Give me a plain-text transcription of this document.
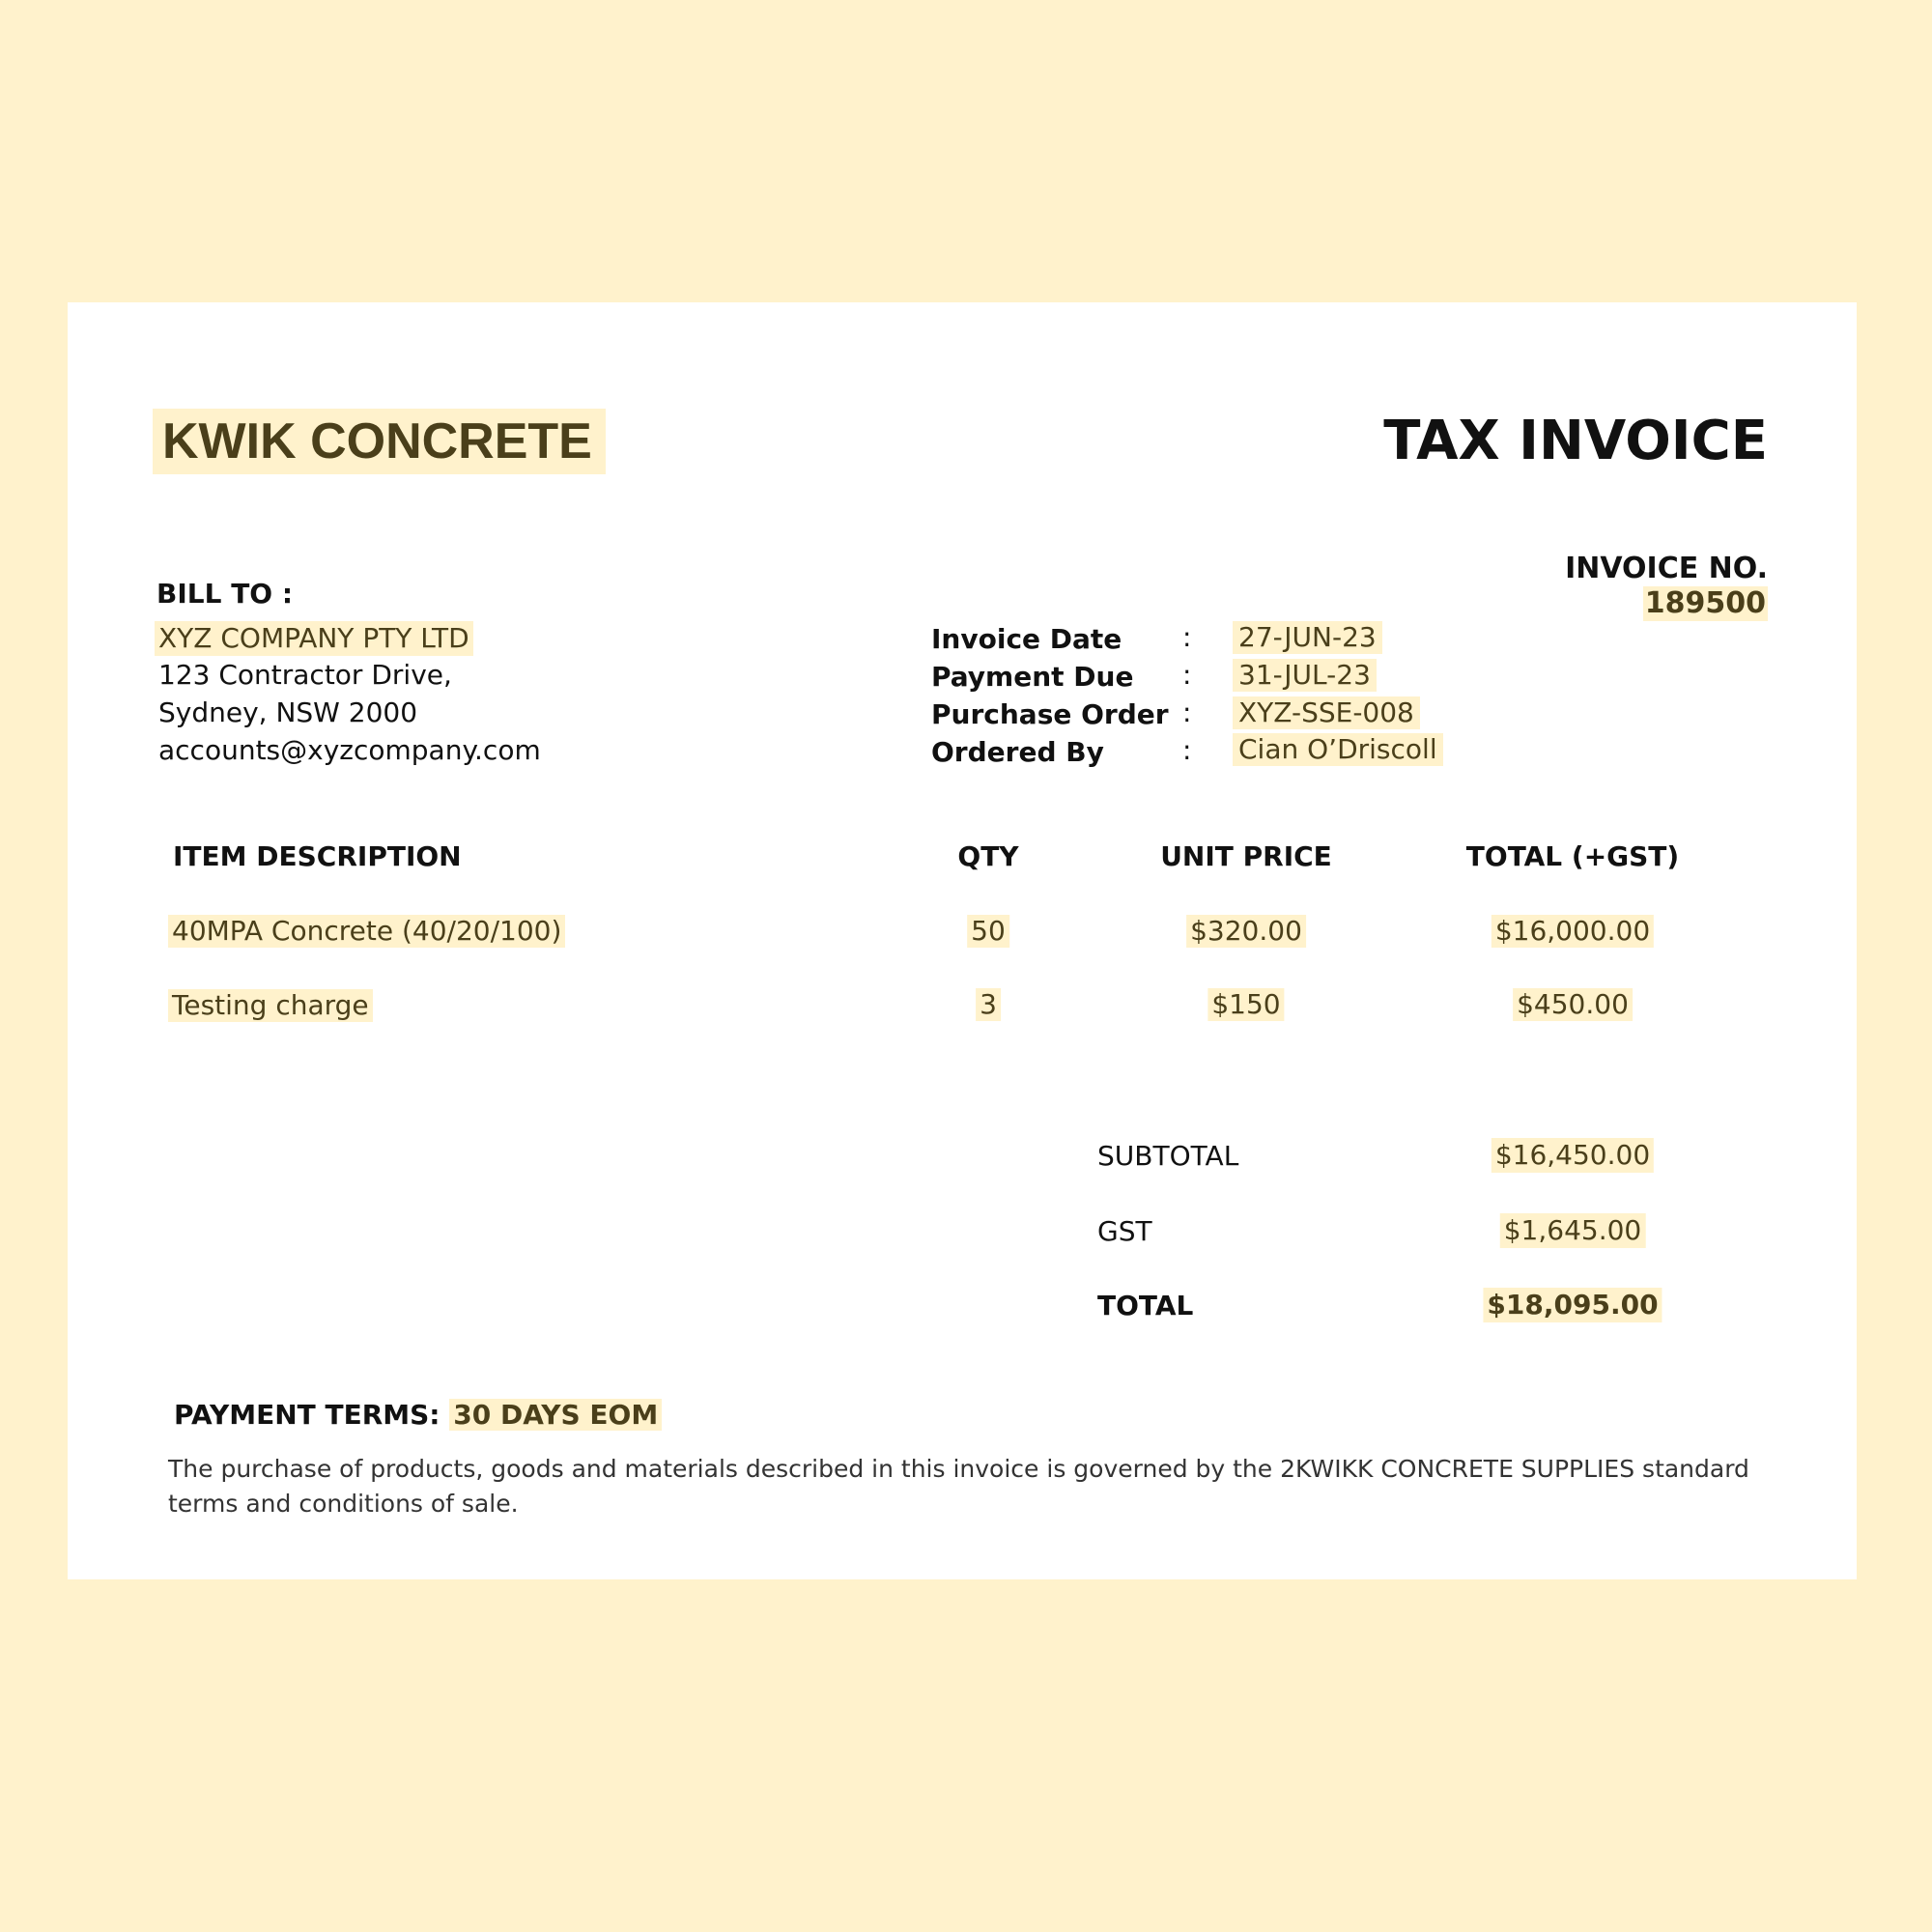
KWIK CONCRETE	TAX INVOICE
INVOICE NO.
189500
BILL TO :
XYZ COMPANY PTY LTD
123 Contractor Drive,
Sydney, NSW 2000
accounts@xyzcompany.com
Invoice Date : 27-JUN-23
Payment Due : 31-JUL-23
Purchase Order : XYZ-SSE-008
Ordered By	: Cian O’Driscoll
ITEM DESCRIPTION	QTY	UNIT PRICE	TOTAL (+GST)
40MPA Concrete (40/20/100)	50	$320.00	$16,000.00
Testing charge	3	$150	$450.00
SUBTOTAL	$16,450.00
GST	$1,645.00
TOTAL	$18,095.00
PAYMENT TERMS: 30 DAYS EOM
The purchase of products, goods and materials described in this invoice is governed by the 2KWIKK CONCRETE SUPPLIES standard terms and conditions of sale.
